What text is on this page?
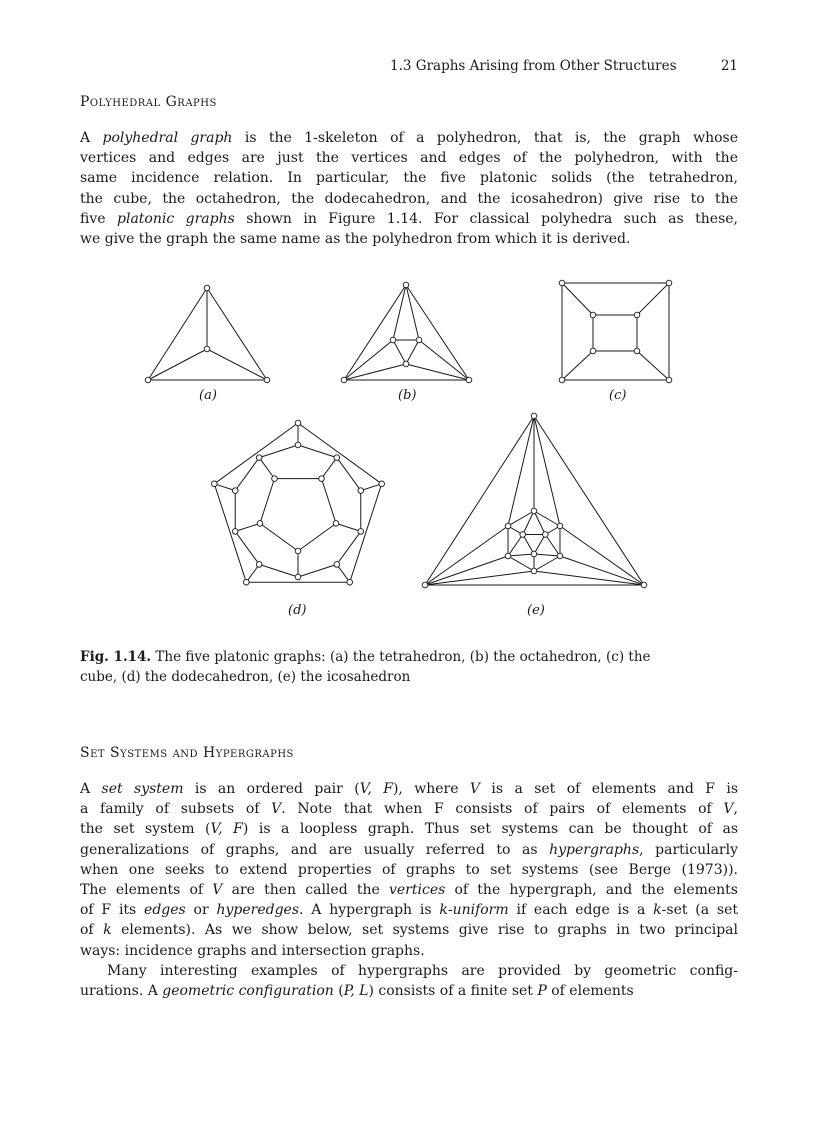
1.3 Graphs Arising from Other Structures	21
Polyhedral Graphs
A polyhedral graph is the 1-skeleton of a polyhedron, that is, the graph whose
vertices and edges are just the vertices and edges of the polyhedron, with the
same incidence relation. In particular, the five platonic solids (the tetrahedron,
the cube, the octahedron, the dodecahedron, and the icosahedron) give rise to the
five platonic graphs shown in Figure 1.14. For classical polyhedra such as these,
we give the graph the same name as the polyhedron from which it is derived.
Fig. 1.14. The five platonic graphs: (a) the tetrahedron, (b) the octahedron, (c) the
cube, (d) the dodecahedron, (e) the icosahedron
Set Systems and Hypergraphs
A set system is an ordered pair (V, F), where V is a set of elements and F is
a family of subsets of V. Note that when F consists of pairs of elements of V,
the set system (V, F) is a loopless graph. Thus set systems can be thought of as
generalizations of graphs, and are usually referred to as hypergraphs, particularly
when one seeks to extend properties of graphs to set systems (see Berge (1973)).
The elements of V are then called the vertices of the hypergraph, and the elements
of F its edges or hyperedges. A hypergraph is k-uniform if each edge is a k-set (a set
of k elements). As we show below, set systems give rise to graphs in two principal
ways: incidence graphs and intersection graphs.
Many interesting examples of hypergraphs are provided by geometric config-
urations. A geometric configuration (P, L) consists of a finite set P of elements
(a)	(b)	(c)
(d)	(e)
